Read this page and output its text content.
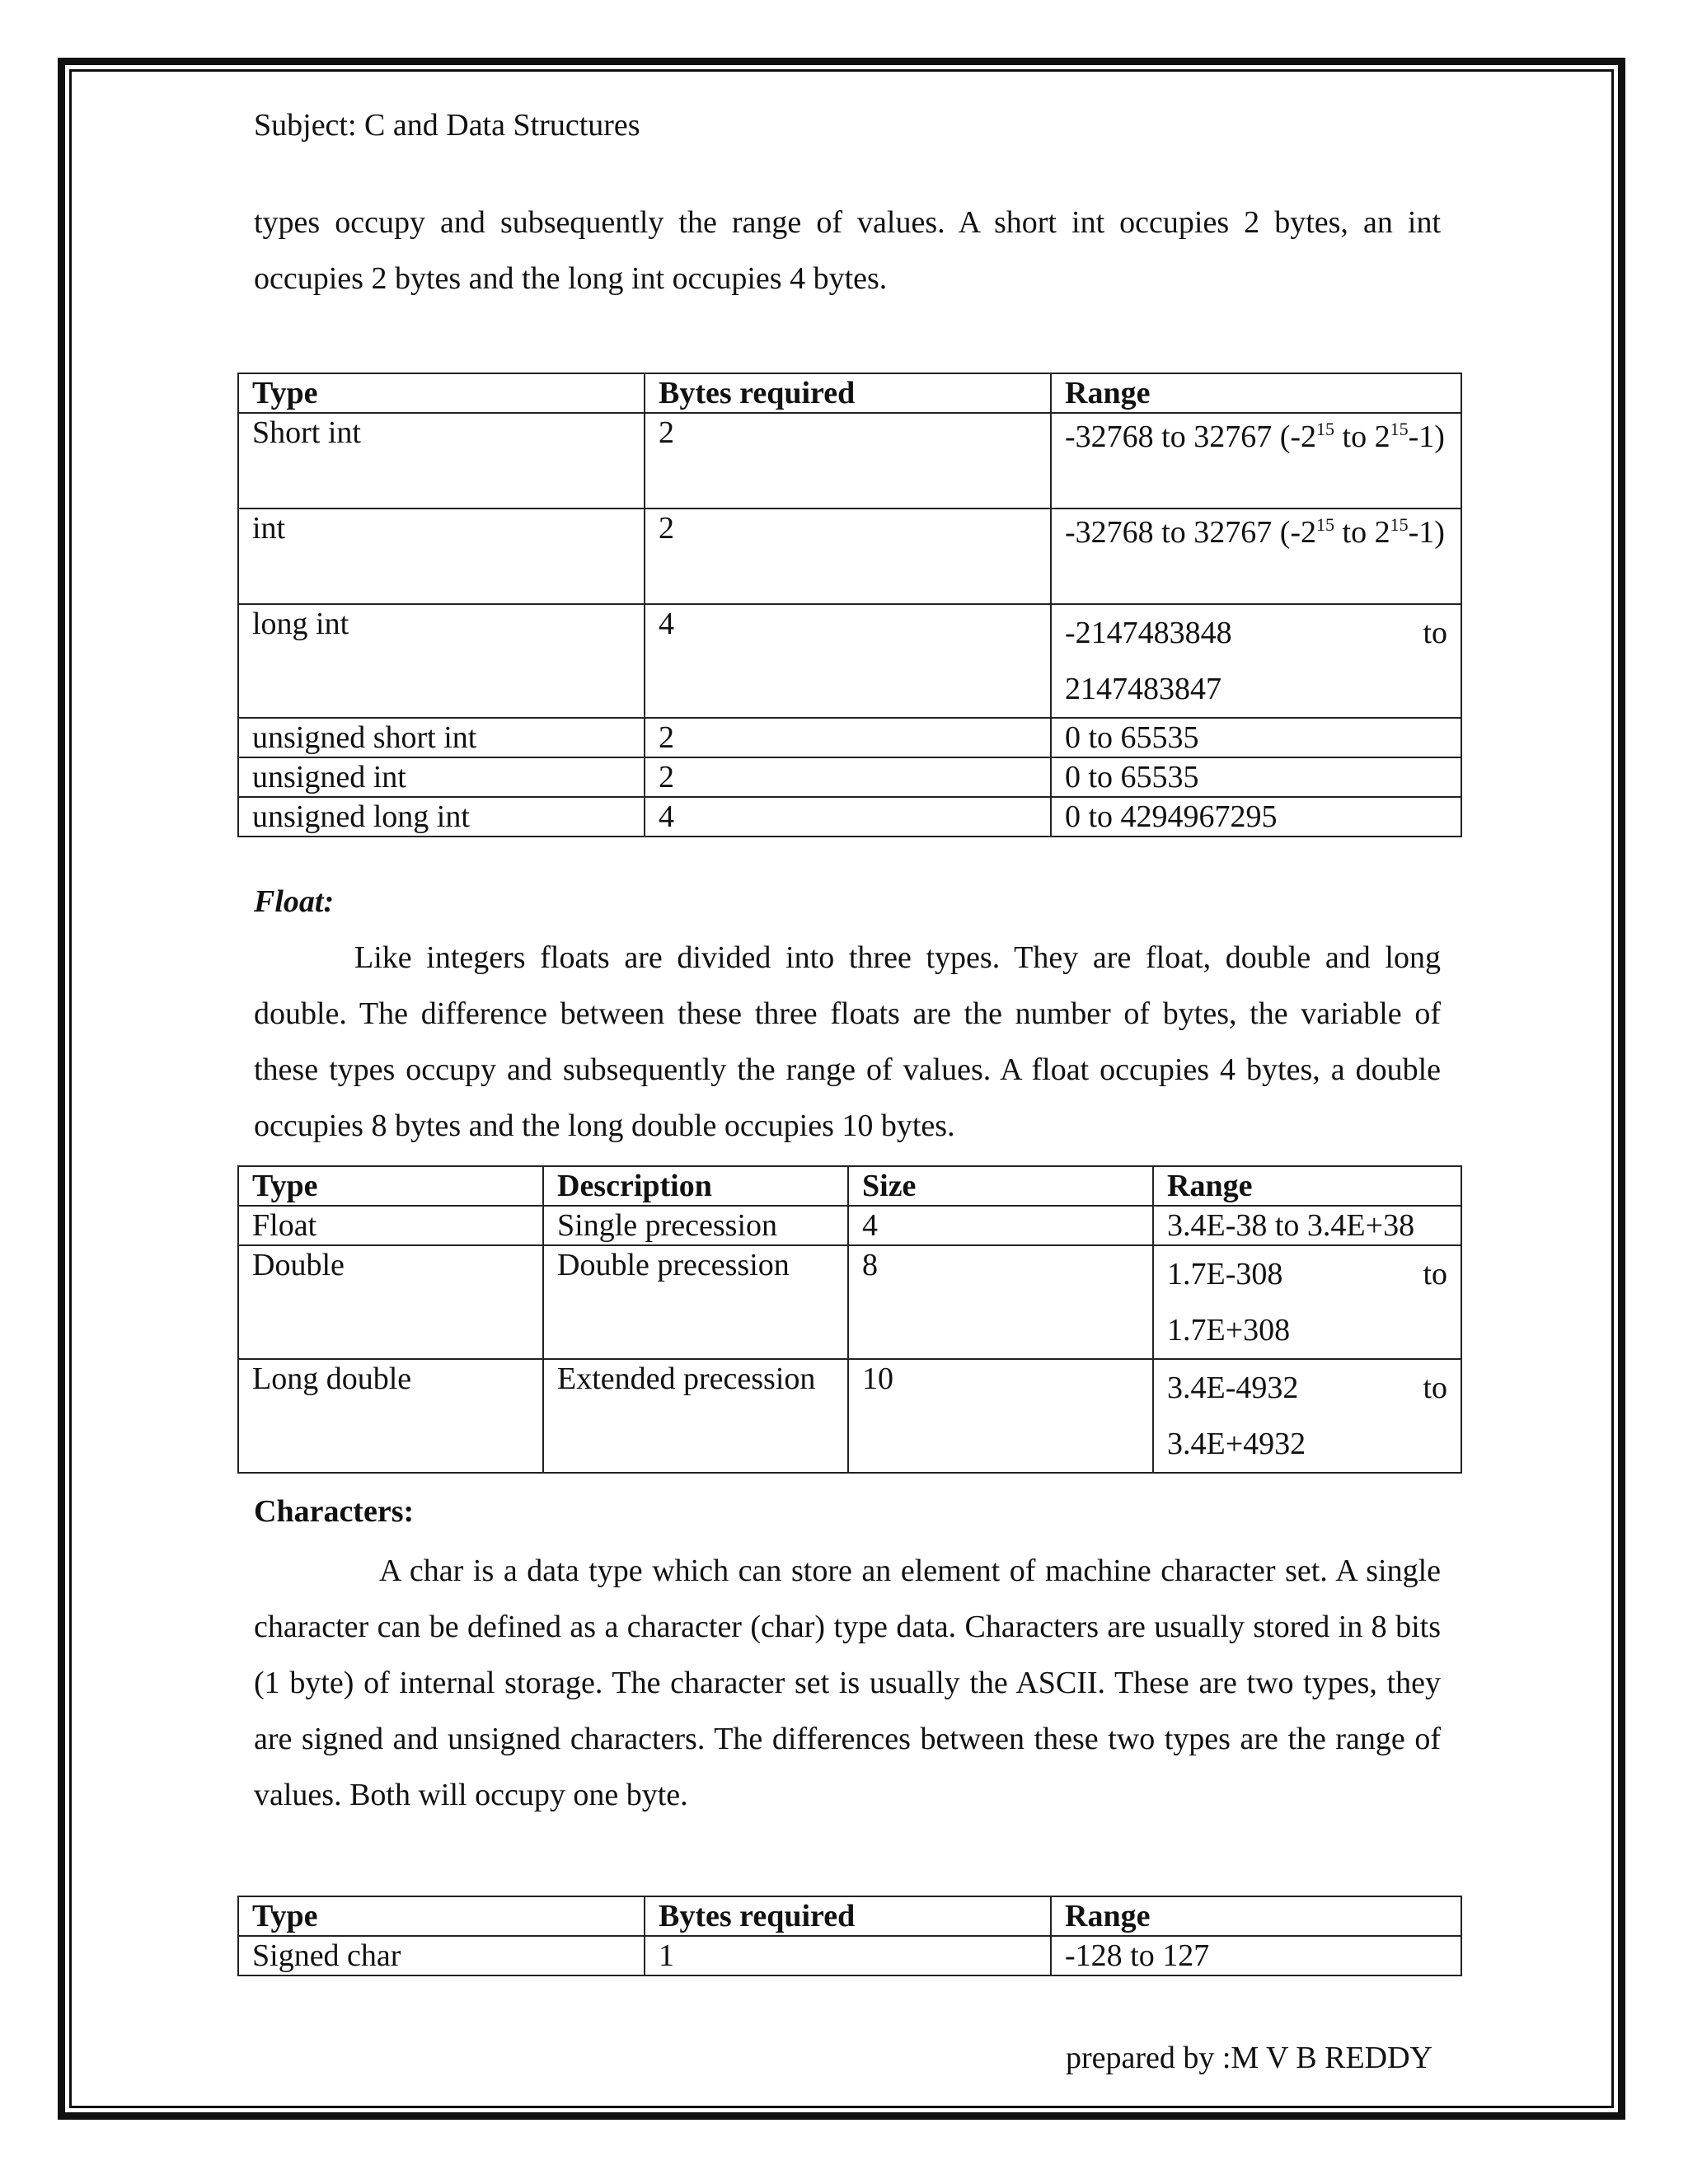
Subject: C and Data Structures

types occupy and subsequently the range of values. A short int occupies 2 bytes, an int occupies 2 bytes and the long int occupies 4 bytes.

Type	Bytes required	Range
Short int	2	-32768 to 32767 ($-2^{15}$ to $2^{15}-1$)
int	2	-32768 to 32767 ($-2^{15}$ to $2^{15}-1$)
long int	4	-2147483848 to
2147483847

unsigned short int	2	0 to 65535
unsigned int	2	0 to 65535
unsigned long int	4	0 to 4294967295
Float:

Like integers floats are divided into three types. They are float, double and long double. The difference between these three floats are the number of bytes, the variable of these types occupy and subsequently the range of values. A float occupies 4 bytes, a double occupies 8 bytes and the long double occupies 10 bytes.

Type	Description	Size	Range
Float	Single precession	4	3.4E-38 to 3.4E+38
Double	Double precession	8	1.7E-308 to
1.7E+308

Long double	Extended precession	10	3.4E-4932 to
3.4E+4932
Characters:

A char is a data type which can store an element of machine character set. A single character can be defined as a character (char) type data. Characters are usually stored in 8 bits (1 byte) of internal storage. The character set is usually the ASCII. These are two types, they are signed and unsigned characters. The differences between these two types are the range of values. Both will occupy one byte.

Type	Bytes required	Range
Signed char	1	-128 to 127
prepared by :M V B REDDY
